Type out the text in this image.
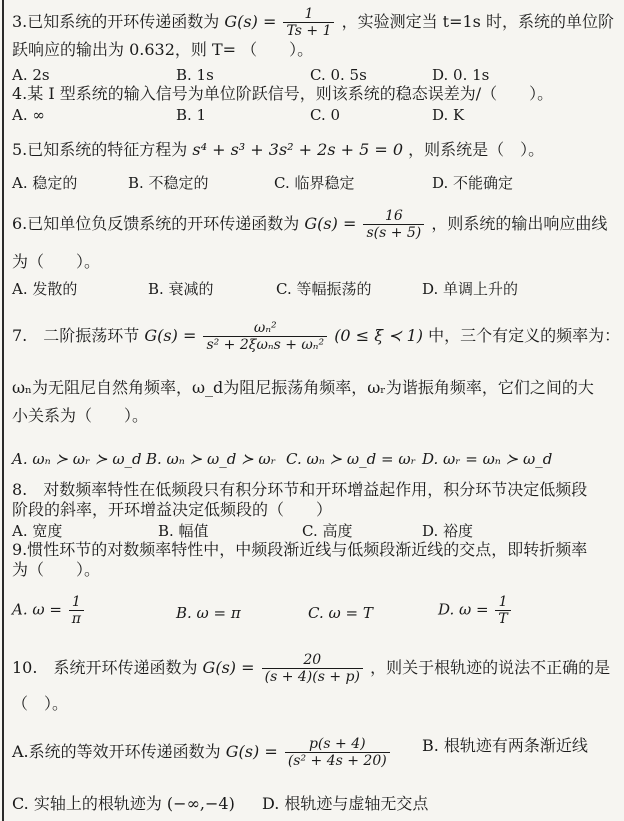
3.已知系统的开环传递函数为 $G(s) = \frac{1}{Ts + 1}$ ，实验测定当 t=1s 时，系统的单位阶
跃响应的输出为 0.632，则 T= （　　）。
A. 2s	B. 1s	C. 0. 5s	D. 0. 1s
4.某 I 型系统的输入信号为单位阶跃信号，则该系统的稳态误差为/（　　）。
A. ∞	B. 1	C. 0	D. K
5.已知系统的特征方程为 s⁴ + s³ + 3s² + 2s + 5 = 0 ，则系统是（　）。
A. 稳定的	B. 不稳定的	C. 临界稳定	D. 不能确定
6.已知单位负反馈系统的开环传递函数为 $G(s) = \frac{16}{s(s + 5)}$ ，则系统的输出响应曲线
为（　　）。
A. 发散的	B. 衰减的	C. 等幅振荡的	D. 单调上升的
7.　二阶振荡环节 $G(s) = \frac{\text{ωₙ²}}{\text{s² + 2ξωₙs + ωₙ²}} (0 \le \xi$ ≺ 1) 中，三个有定义的频率为：
ωₙ为无阻尼自然角频率，ω_d为阻尼振荡角频率，ωᵣ为谐振角频率，它们之间的大
小关系为（　　）。
A. ωₙ ≻ ωᵣ ≻ ω_d B. ωₙ ≻ ω_d ≻ ωᵣ C. ωₙ ≻ ω_d = ωᵣ D. ωᵣ = ωₙ ≻ ω_d
8.　对数频率特性在低频段只有积分环节和开环增益起作用，积分环节决定低频段
阶段的斜率，开环增益决定低频段的（　　）
A. 宽度	B. 幅值	C. 高度	D. 裕度
9.惯性环节的对数频率特性中，中频段渐近线与低频段渐近线的交点，即转折频率
为（　　）。
A. $\omega = \frac{1}{\pi}$	B. ω = π	C. ω = T	D. $\omega = \frac{1}{T}$
10.　系统开环传递函数为 $G(s) = \frac{20}{(s + 4)(s + p)}$ ，则关于根轨迹的说法不正确的是
（　）。
A.系统的等效开环传递函数为 $G(s) = \frac{p(s + 4)}{\text{(s² + 4s + 20)}} B$. 根轨迹有两条渐近线
C. 实轴上的根轨迹为 (−∞,−4) D. 根轨迹与虚轴无交点
